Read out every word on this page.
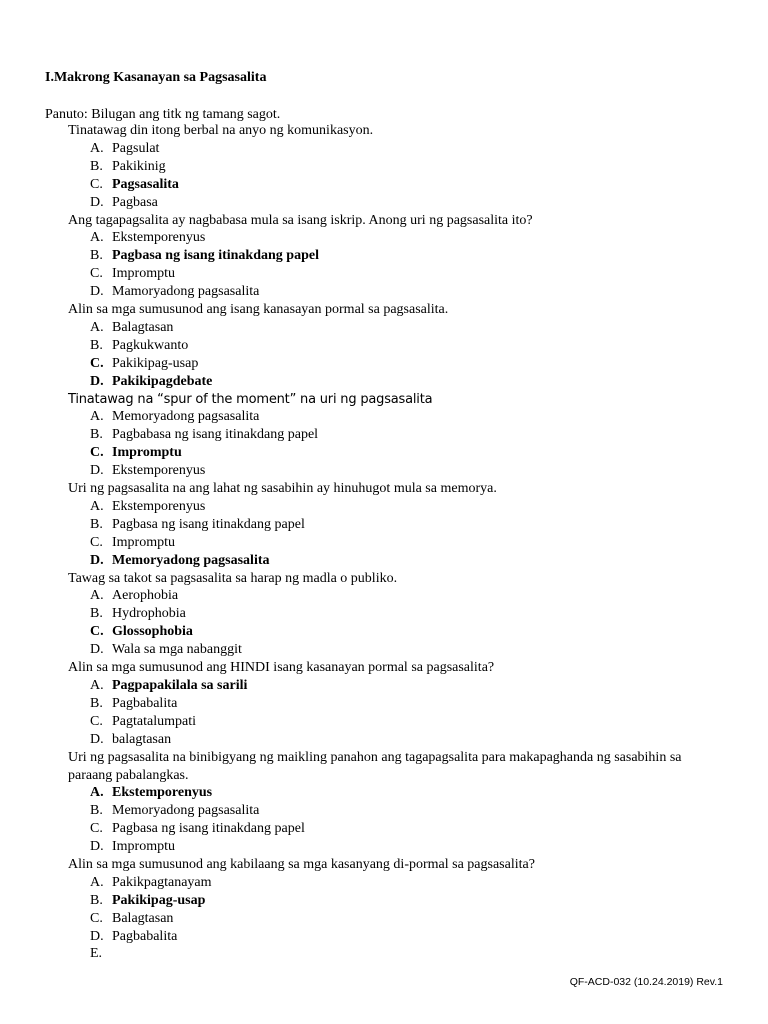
I.Makrong Kasanayan sa Pagsasalita
Panuto: Bilugan ang titk ng tamang sagot.
Tinatawag din itong berbal na anyo ng komunikasyon.
A. Pagsulat
B. Pakikinig
C. Pagsasalita
D. Pagbasa
Ang tagapagsalita ay nagbabasa mula sa isang iskrip. Anong uri ng pagsasalita ito?
A. Ekstemporenyus
B. Pagbasa ng isang itinakdang papel
C. Impromptu
D. Mamoryadong pagsasalita
Alin sa mga sumusunod ang isang kanasayan pormal sa pagsasalita.
A. Balagtasan
B. Pagkukwanto
C. Pakikipag-usap
D. Pakikipagdebate
Tinatawag na “spur of the moment” na uri ng pagsasalita
A. Memoryadong pagsasalita
B. Pagbabasa ng isang itinakdang papel
C. Impromptu
D. Ekstemporenyus
Uri ng pagsasalita na ang lahat ng sasabihin ay hinuhugot mula sa memorya.
A. Ekstemporenyus
B. Pagbasa ng isang itinakdang papel
C. Impromptu
D. Memoryadong pagsasalita
Tawag sa takot sa pagsasalita sa harap ng madla o publiko.
A. Aerophobia
B. Hydrophobia
C. Glossophobia
D. Wala sa mga nabanggit
Alin sa mga sumusunod ang HINDI isang kasanayan pormal sa pagsasalita?
A. Pagpapakilala sa sarili
B. Pagbabalita
C. Pagtatalumpati
D. balagtasan
Uri ng pagsasalita na binibigyang ng maikling panahon ang tagapagsalita para makapaghanda ng sasabihin sa paraang pabalangkas.
A. Ekstemporenyus
B. Memoryadong pagsasalita
C. Pagbasa ng isang itinakdang papel
D. Impromptu
Alin sa mga sumusunod ang kabilaang sa mga kasanyang di-pormal sa pagsasalita?
A. Pakikpagtanayam
B. Pakikipag-usap
C. Balagtasan
D. Pagbabalita
E.
QF-ACD-032 (10.24.2019) Rev.1
